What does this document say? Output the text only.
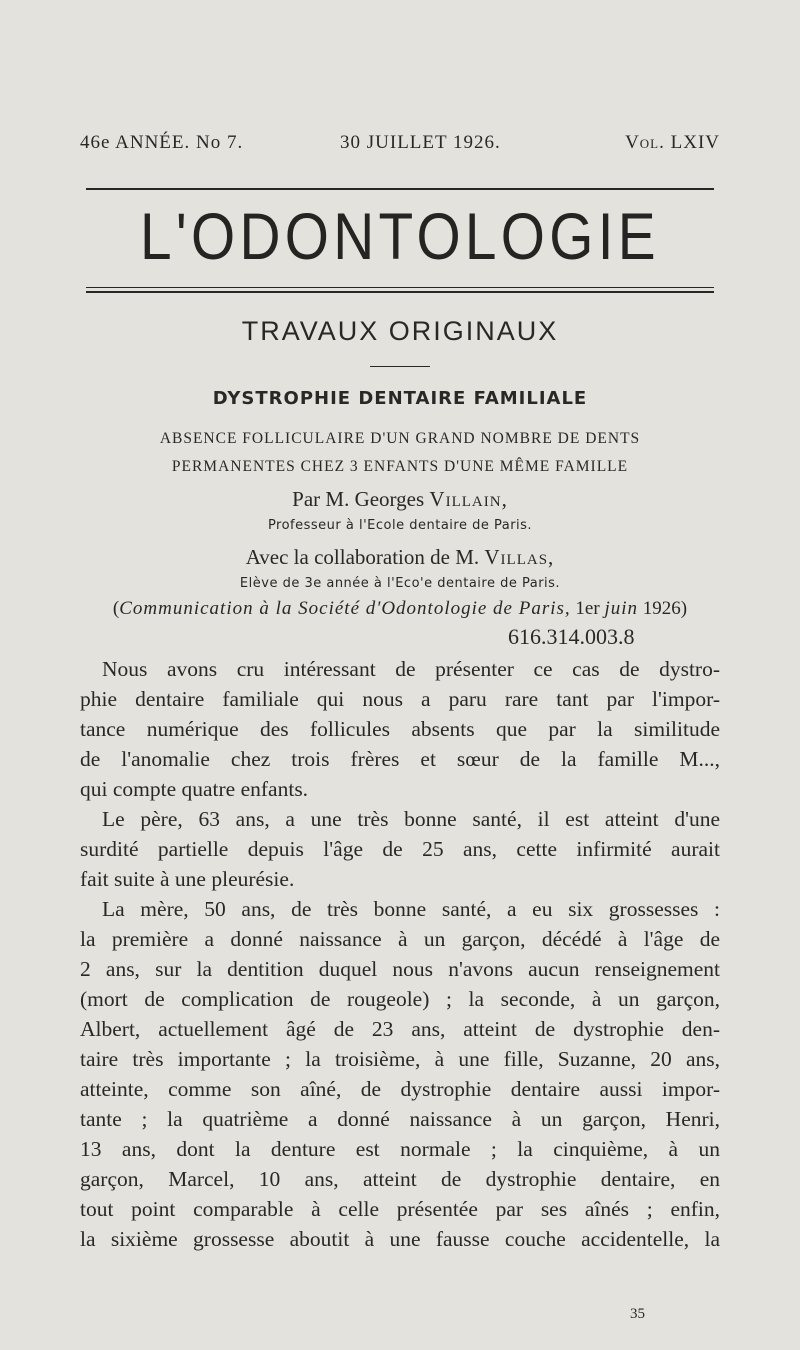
46e ANNÉE. No 7.	30 JUILLET 1926.	Vol. LXIV
L'ODONTOLOGIE
TRAVAUX ORIGINAUX
DYSTROPHIE DENTAIRE FAMILIALE
ABSENCE FOLLICULAIRE D'UN GRAND NOMBRE DE DENTS
PERMANENTES CHEZ 3 ENFANTS D'UNE MÊME FAMILLE
Par M. Georges Villain,
Professeur à l'Ecole dentaire de Paris.
Avec la collaboration de M. Villas,
Elève de 3e année à l'Eco'e dentaire de Paris.
(Communication à la Société d'Odontologie de Paris, 1er juin 1926)
616.314.003.8
Nous avons cru intéressant de présenter ce cas de dystro-
phie dentaire familiale qui nous a paru rare tant par l'impor-
tance numérique des follicules absents que par la similitude
de l'anomalie chez trois frères et sœur de la famille M...,
qui compte quatre enfants.
Le père, 63 ans, a une très bonne santé, il est atteint d'une
surdité partielle depuis l'âge de 25 ans, cette infirmité aurait
fait suite à une pleurésie.
La mère, 50 ans, de très bonne santé, a eu six grossesses :
la première a donné naissance à un garçon, décédé à l'âge de
2 ans, sur la dentition duquel nous n'avons aucun renseignement
(mort de complication de rougeole) ; la seconde, à un garçon,
Albert, actuellement âgé de 23 ans, atteint de dystrophie den-
taire très importante ; la troisième, à une fille, Suzanne, 20 ans,
atteinte, comme son aîné, de dystrophie dentaire aussi impor-
tante ; la quatrième a donné naissance à un garçon, Henri,
13 ans, dont la denture est normale ; la cinquième, à un
garçon, Marcel, 10 ans, atteint de dystrophie dentaire, en
tout point comparable à celle présentée par ses aînés ; enfin,
la sixième grossesse aboutit à une fausse couche accidentelle, la
35
